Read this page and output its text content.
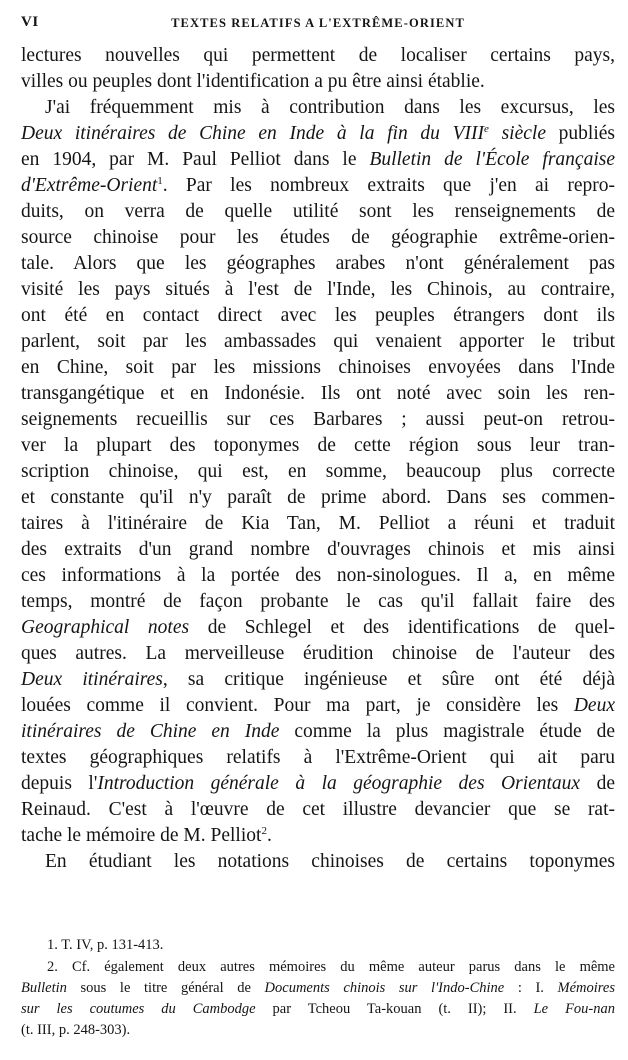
VI	TEXTES RELATIFS A L'EXTRÊME-ORIENT
lectures nouvelles qui permettent de localiser certains pays,
villes ou peuples dont l'identification a pu être ainsi établie.
J'ai fréquemment mis à contribution dans les excursus, les
Deux itinéraires de Chine en Inde à la fin du VIIIe siècle publiés
en 1904, par M. Paul Pelliot dans le Bulletin de l'École française
d'Extrême-Orient$^1$. Par les nombreux extraits que j'en ai repro-
duits, on verra de quelle utilité sont les renseignements de
source chinoise pour les études de géographie extrême-orien-
tale. Alors que les géographes arabes n'ont généralement pas
visité les pays situés à l'est de l'Inde, les Chinois, au contraire,
ont été en contact direct avec les peuples étrangers dont ils
parlent, soit par les ambassades qui venaient apporter le tribut
en Chine, soit par les missions chinoises envoyées dans l'Inde
transgangétique et en Indonésie. Ils ont noté avec soin les ren-
seignements recueillis sur ces Barbares ; aussi peut-on retrou-
ver la plupart des toponymes de cette région sous leur tran-
scription chinoise, qui est, en somme, beaucoup plus correcte
et constante qu'il n'y paraît de prime abord. Dans ses commen-
taires à l'itinéraire de Kia Tan, M. Pelliot a réuni et traduit
des extraits d'un grand nombre d'ouvrages chinois et mis ainsi
ces informations à la portée des non-sinologues. Il a, en même
temps, montré de façon probante le cas qu'il fallait faire des
Geographical notes de Schlegel et des identifications de quel-
ques autres. La merveilleuse érudition chinoise de l'auteur des
Deux itinéraires, sa critique ingénieuse et sûre ont été déjà
louées comme il convient. Pour ma part, je considère les Deux
itinéraires de Chine en Inde comme la plus magistrale étude de
textes géographiques relatifs à l'Extrême-Orient qui ait paru
depuis l'Introduction générale à la géographie des Orientaux de
Reinaud. C'est à l'œuvre de cet illustre devancier que se rat-
tache le mémoire de M. Pelliot$^2$.
En étudiant les notations chinoises de certains toponymes
1. T. IV, p. 131-413.
2. Cf. également deux autres mémoires du même auteur parus dans le même
Bulletin sous le titre général de Documents chinois sur l'Indo-Chine : I. Mémoires
sur les coutumes du Cambodge par Tcheou Ta-kouan (t. II); II. Le Fou-nan
(t. III, p. 248-303).
